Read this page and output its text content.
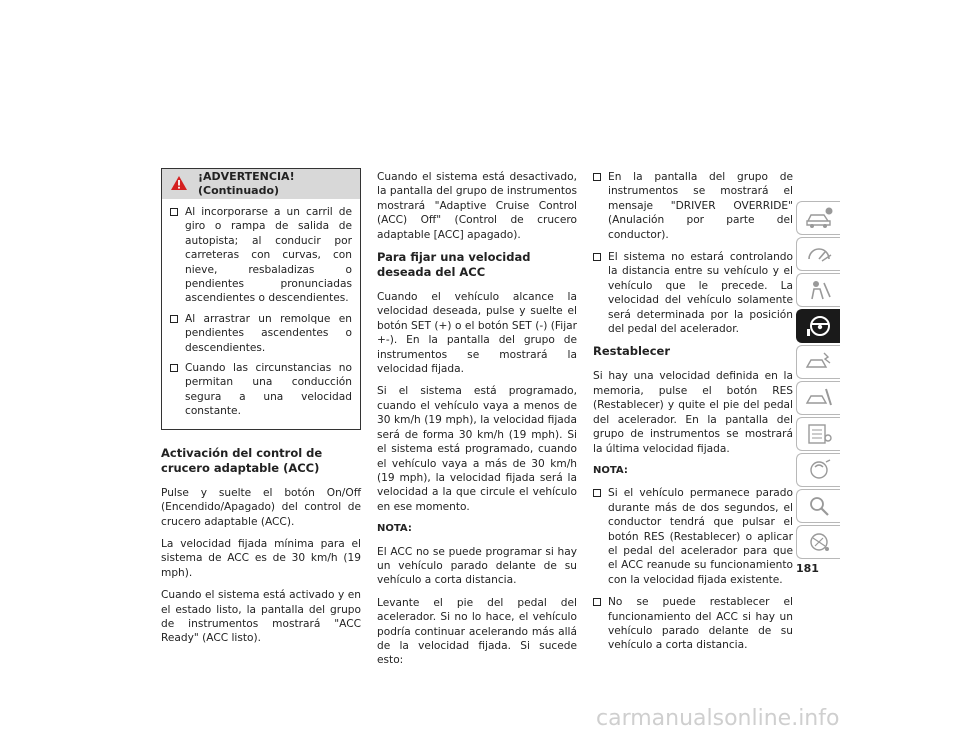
¡ADVERTENCIA! (Continuado)
Al incorporarse a un carril de giro o rampa de salida de autopista; al conducir por carreteras con curvas, con nieve, resbaladizas o pendientes pronunciadas ascendientes o descendientes.
Al arrastrar un remolque en pendientes ascendentes o descendientes.
Cuando las circunstancias no permitan una conducción segura a una velocidad constante.
Activación del control de crucero adaptable (ACC)

Pulse y suelte el botón On/Off (Encendido/Apagado) del control de crucero adaptable (ACC).

La velocidad fijada mínima para el sistema de ACC es de 30 km/h (19 mph).

Cuando el sistema está activado y en el estado listo, la pantalla del grupo de instrumentos mostrará "ACC Ready" (ACC listo).

Cuando el sistema está desactivado, la pantalla del grupo de instrumentos mostrará "Adaptive Cruise Control (ACC) Off" (Control de crucero adaptable [ACC] apagado).

Para fijar una velocidad deseada del ACC

Cuando el vehículo alcance la velocidad deseada, pulse y suelte el botón SET (+) o el botón SET (-) (Fijar +-). En la pantalla del grupo de instrumentos se mostrará la velocidad fijada.

Si el sistema está programado, cuando el vehículo vaya a menos de 30 km/h (19 mph), la velocidad fijada será de forma 30 km/h (19 mph). Si el sistema está programado, cuando el vehículo vaya a más de 30 km/h (19 mph), la velocidad fijada será la velocidad a la que circule el vehículo en ese momento.

NOTA:

El ACC no se puede programar si hay un vehículo parado delante de su vehículo a corta distancia.

Levante el pie del pedal del acelerador. Si no lo hace, el vehículo podría continuar acelerando más allá de la velocidad fijada. Si sucede esto:

En la pantalla del grupo de instrumentos se mostrará el mensaje "DRIVER OVERRIDE" (Anulación por parte del conductor).
El sistema no estará controlando la distancia entre su vehículo y el vehículo que le precede. La velocidad del vehículo solamente será determinada por la posición del pedal del acelerador.
Restablecer

Si hay una velocidad definida en la memoria, pulse el botón RES (Restablecer) y quite el pie del pedal del acelerador. En la pantalla del grupo de instrumentos se mostrará la última velocidad fijada.

NOTA:

Si el vehículo permanece parado durante más de dos segundos, el conductor tendrá que pulsar el botón RES (Restablecer) o aplicar el pedal del acelerador para que el ACC reanude su funcionamiento con la velocidad fijada existente.
No se puede restablecer el funcionamiento del ACC si hay un vehículo parado delante de su vehículo a corta distancia.
181
carmanualsonline.info
